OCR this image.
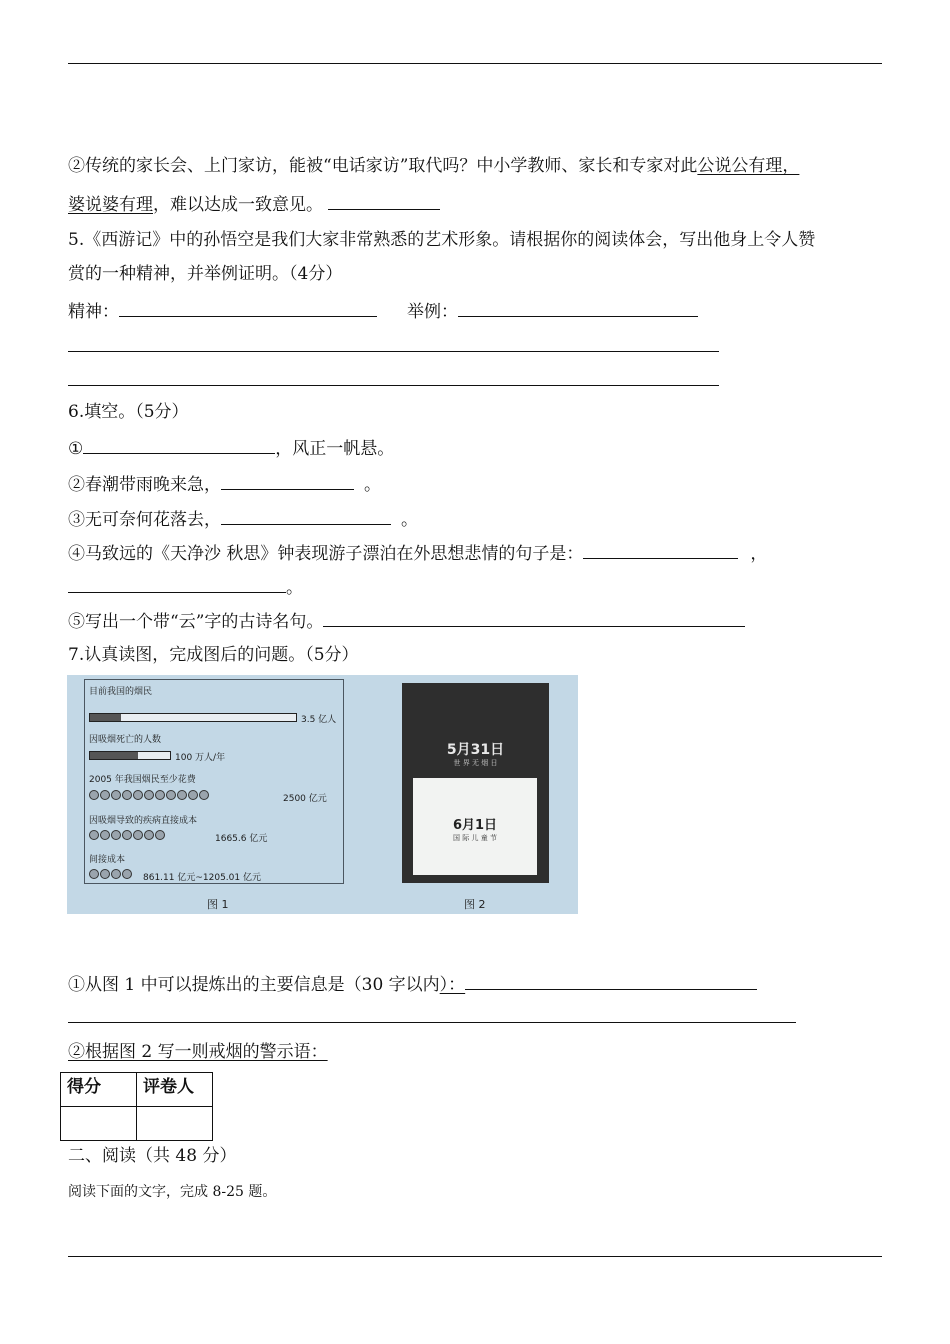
②传统的家长会、上门家访，能被“电话家访”取代吗？中小学教师、家长和专家对此公说公有理，
婆说婆有理，难以达成一致意见。
5.《西游记》中的孙悟空是我们大家非常熟悉的艺术形象。请根据你的阅读体会，写出他身上令人赞
赏的一种精神，并举例证明。（4分）
精神：	举例：
6.填空。（5分）
①	，风正一帆悬。
②春潮带雨晚来急，	。
③无可奈何花落去，	。
④马致远的《天净沙 秋思》钟表现游子漂泊在外思想悲情的句子是：	，
。
⑤写出一个带“云”字的古诗名句。
7.认真读图，完成图后的问题。（5分）
目前我国的烟民
3.5 亿人
因吸烟死亡的人数
100 万人/年
2005 年我国烟民至少花费
2500 亿元
因吸烟导致的疾病直接成本
1665.6 亿元
间接成本
861.11 亿元~1205.01 亿元
图 1
5月31日
世 界 无 烟 日
6月1日
国 际 儿 童 节
图 2
①从图 1 中可以提炼出的主要信息是（30 字以内）：
②根据图 2 写一则戒烟的警示语：
得分	评卷人

二、阅读（共 48 分）
阅读下面的文字，完成 8-25 题。
